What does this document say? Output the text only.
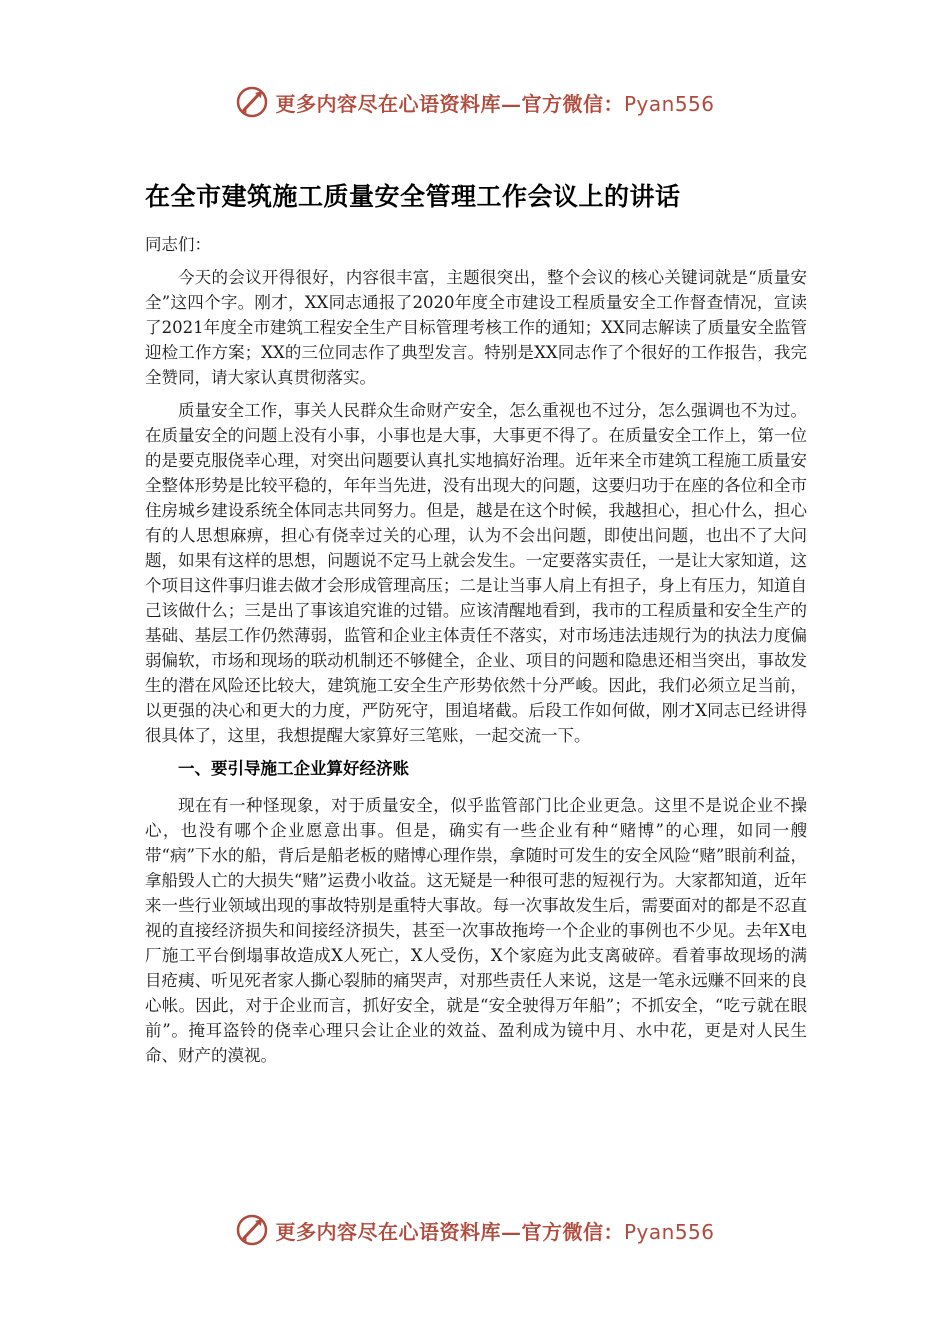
更多内容尽在心语资料库—官方微信：Pyan556
在全市建筑施工质量安全管理工作会议上的讲话

同志们：

今天的会议开得很好，内容很丰富，主题很突出，整个会议的核心关键词就是“质量安全”这四个字。刚才，XX同志通报了2020年度全市建设工程质量安全工作督查情况，宣读了2021年度全市建筑工程安全生产目标管理考核工作的通知；XX同志解读了质量安全监管迎检工作方案；XX的三位同志作了典型发言。特别是XX同志作了个很好的工作报告，我完全赞同，请大家认真贯彻落实。

质量安全工作，事关人民群众生命财产安全，怎么重视也不过分，怎么强调也不为过。在质量安全的问题上没有小事，小事也是大事，大事更不得了。在质量安全工作上，第一位的是要克服侥幸心理，对突出问题要认真扎实地搞好治理。近年来全市建筑工程施工质量安全整体形势是比较平稳的，年年当先进，没有出现大的问题，这要归功于在座的各位和全市住房城乡建设系统全体同志共同努力。但是，越是在这个时候，我越担心，担心什么，担心有的人思想麻痹，担心有侥幸过关的心理，认为不会出问题，即使出问题，也出不了大问题，如果有这样的思想，问题说不定马上就会发生。一定要落实责任，一是让大家知道，这个项目这件事归谁去做才会形成管理高压；二是让当事人肩上有担子，身上有压力，知道自己该做什么；三是出了事该追究谁的过错。应该清醒地看到，我市的工程质量和安全生产的基础、基层工作仍然薄弱，监管和企业主体责任不落实，对市场违法违规行为的执法力度偏弱偏软，市场和现场的联动机制还不够健全，企业、项目的问题和隐患还相当突出，事故发生的潜在风险还比较大，建筑施工安全生产形势依然十分严峻。因此，我们必须立足当前，以更强的决心和更大的力度，严防死守，围追堵截。后段工作如何做，刚才X同志已经讲得很具体了，这里，我想提醒大家算好三笔账，一起交流一下。

一、要引导施工企业算好经济账

现在有一种怪现象，对于质量安全，似乎监管部门比企业更急。这里不是说企业不操心，也没有哪个企业愿意出事。但是，确实有一些企业有种“赌博”的心理，如同一艘带“病”下水的船，背后是船老板的赌博心理作祟，拿随时可发生的安全风险“赌”眼前利益，拿船毁人亡的大损失“赌”运费小收益。这无疑是一种很可悲的短视行为。大家都知道，近年来一些行业领域出现的事故特别是重特大事故。每一次事故发生后，需要面对的都是不忍直视的直接经济损失和间接经济损失，甚至一次事故拖垮一个企业的事例也不少见。去年X电厂施工平台倒塌事故造成X人死亡，X人受伤，X个家庭为此支离破碎。看着事故现场的满目疮痍、听见死者家人撕心裂肺的痛哭声，对那些责任人来说，这是一笔永远赚不回来的良心帐。因此，对于企业而言，抓好安全，就是“安全驶得万年船”；不抓安全，“吃亏就在眼前”。掩耳盗铃的侥幸心理只会让企业的效益、盈利成为镜中月、水中花，更是对人民生命、财产的漠视。

更多内容尽在心语资料库—官方微信：Pyan556
